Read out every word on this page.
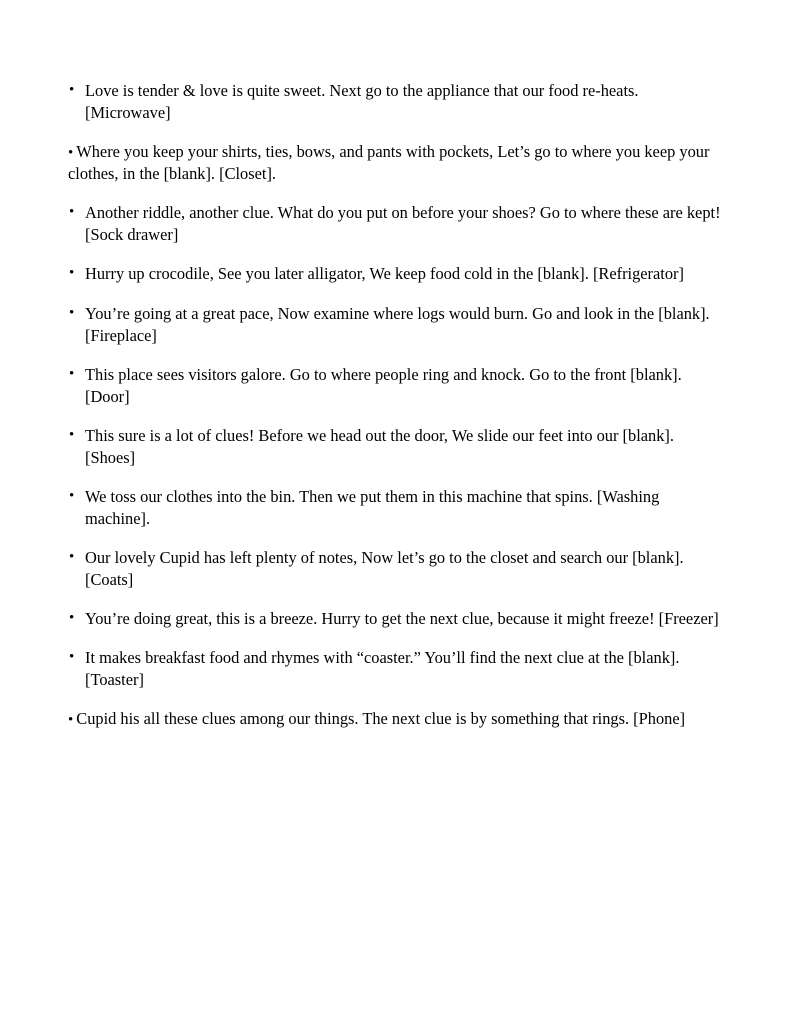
• Love is tender & love is quite sweet. Next go to the appliance that our food re-heats. [Microwave]
• Where you keep your shirts, ties, bows, and pants with pockets, Let’s go to where you keep your clothes, in the [blank]. [Closet].
• Another riddle, another clue. What do you put on before your shoes? Go to where these are kept! [Sock drawer]
• Hurry up crocodile, See you later alligator, We keep food cold in the [blank]. [Refrigerator]
• You’re going at a great pace, Now examine where logs would burn. Go and look in the [blank]. [Fireplace]
• This place sees visitors galore. Go to where people ring and knock. Go to the front [blank]. [Door]
• This sure is a lot of clues! Before we head out the door, We slide our feet into our [blank]. [Shoes]
• We toss our clothes into the bin. Then we put them in this machine that spins. [Washing machine].
• Our lovely Cupid has left plenty of notes, Now let’s go to the closet and search our [blank]. [Coats]
• You’re doing great, this is a breeze. Hurry to get the next clue, because it might freeze! [Freezer]
• It makes breakfast food and rhymes with “coaster.” You’ll find the next clue at the [blank]. [Toaster]
• Cupid his all these clues among our things. The next clue is by something that rings. [Phone]
